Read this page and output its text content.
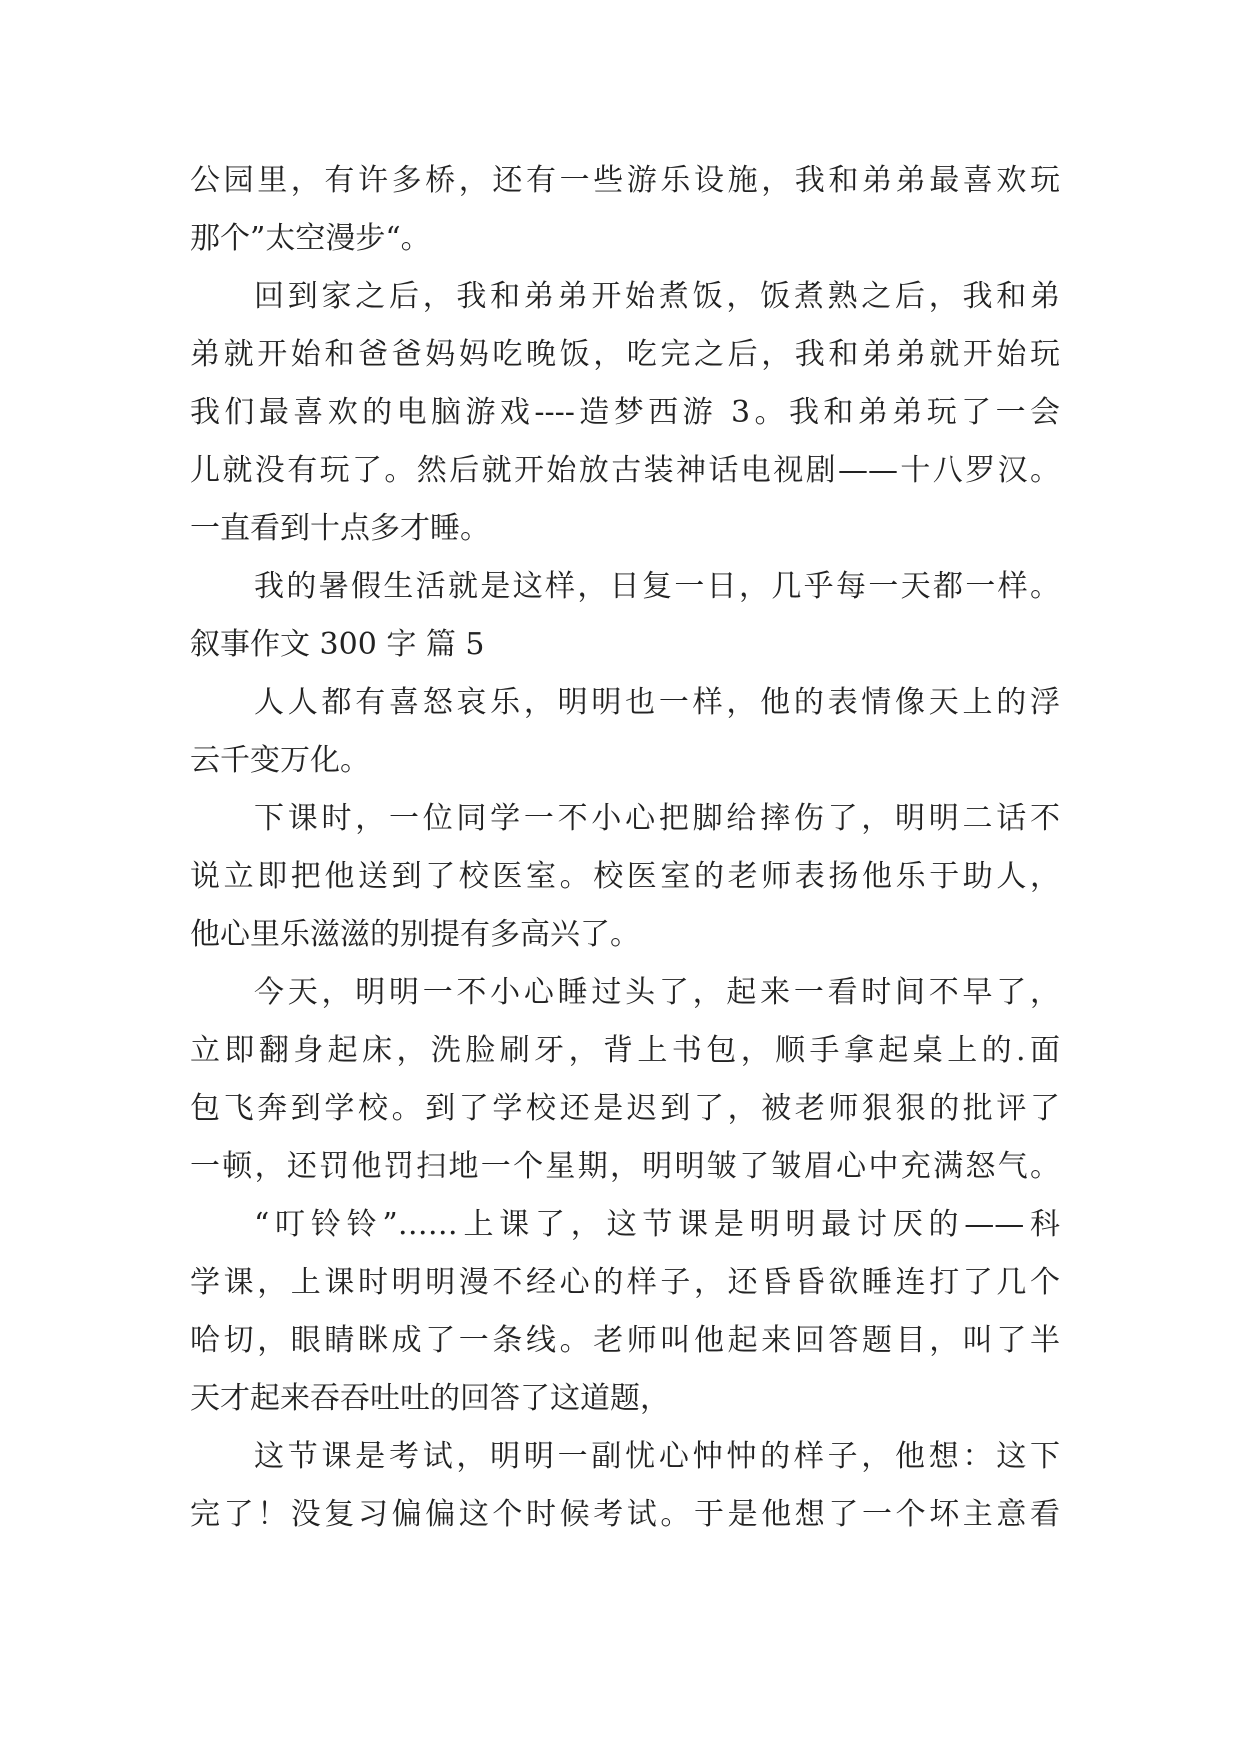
公园里，有许多桥，还有一些游乐设施，我和弟弟最喜欢玩
那个”太空漫步“。
回到家之后，我和弟弟开始煮饭，饭煮熟之后，我和弟
弟就开始和爸爸妈妈吃晚饭，吃完之后，我和弟弟就开始玩
我们最喜欢的电脑游戏----造梦西游 3。我和弟弟玩了一会
儿就没有玩了。然后就开始放古装神话电视剧——十八罗汉。
一直看到十点多才睡。
我的暑假生活就是这样，日复一日，几乎每一天都一样。
叙事作文 300 字 篇 5
人人都有喜怒哀乐，明明也一样，他的表情像天上的浮
云千变万化。
下课时，一位同学一不小心把脚给摔伤了，明明二话不
说立即把他送到了校医室。校医室的老师表扬他乐于助人，
他心里乐滋滋的别提有多高兴了。
今天，明明一不小心睡过头了，起来一看时间不早了，
立即翻身起床，洗脸刷牙，背上书包，顺手拿起桌上的.面
包飞奔到学校。到了学校还是迟到了，被老师狠狠的批评了
一顿，还罚他罚扫地一个星期，明明皱了皱眉心中充满怒气。
“叮铃铃”……上课了，这节课是明明最讨厌的——科
学课，上课时明明漫不经心的样子，还昏昏欲睡连打了几个
哈切，眼睛眯成了一条线。老师叫他起来回答题目，叫了半
天才起来吞吞吐吐的回答了这道题，
这节课是考试，明明一副忧心忡忡的样子，他想：这下
完了！没复习偏偏这个时候考试。于是他想了一个坏主意看
